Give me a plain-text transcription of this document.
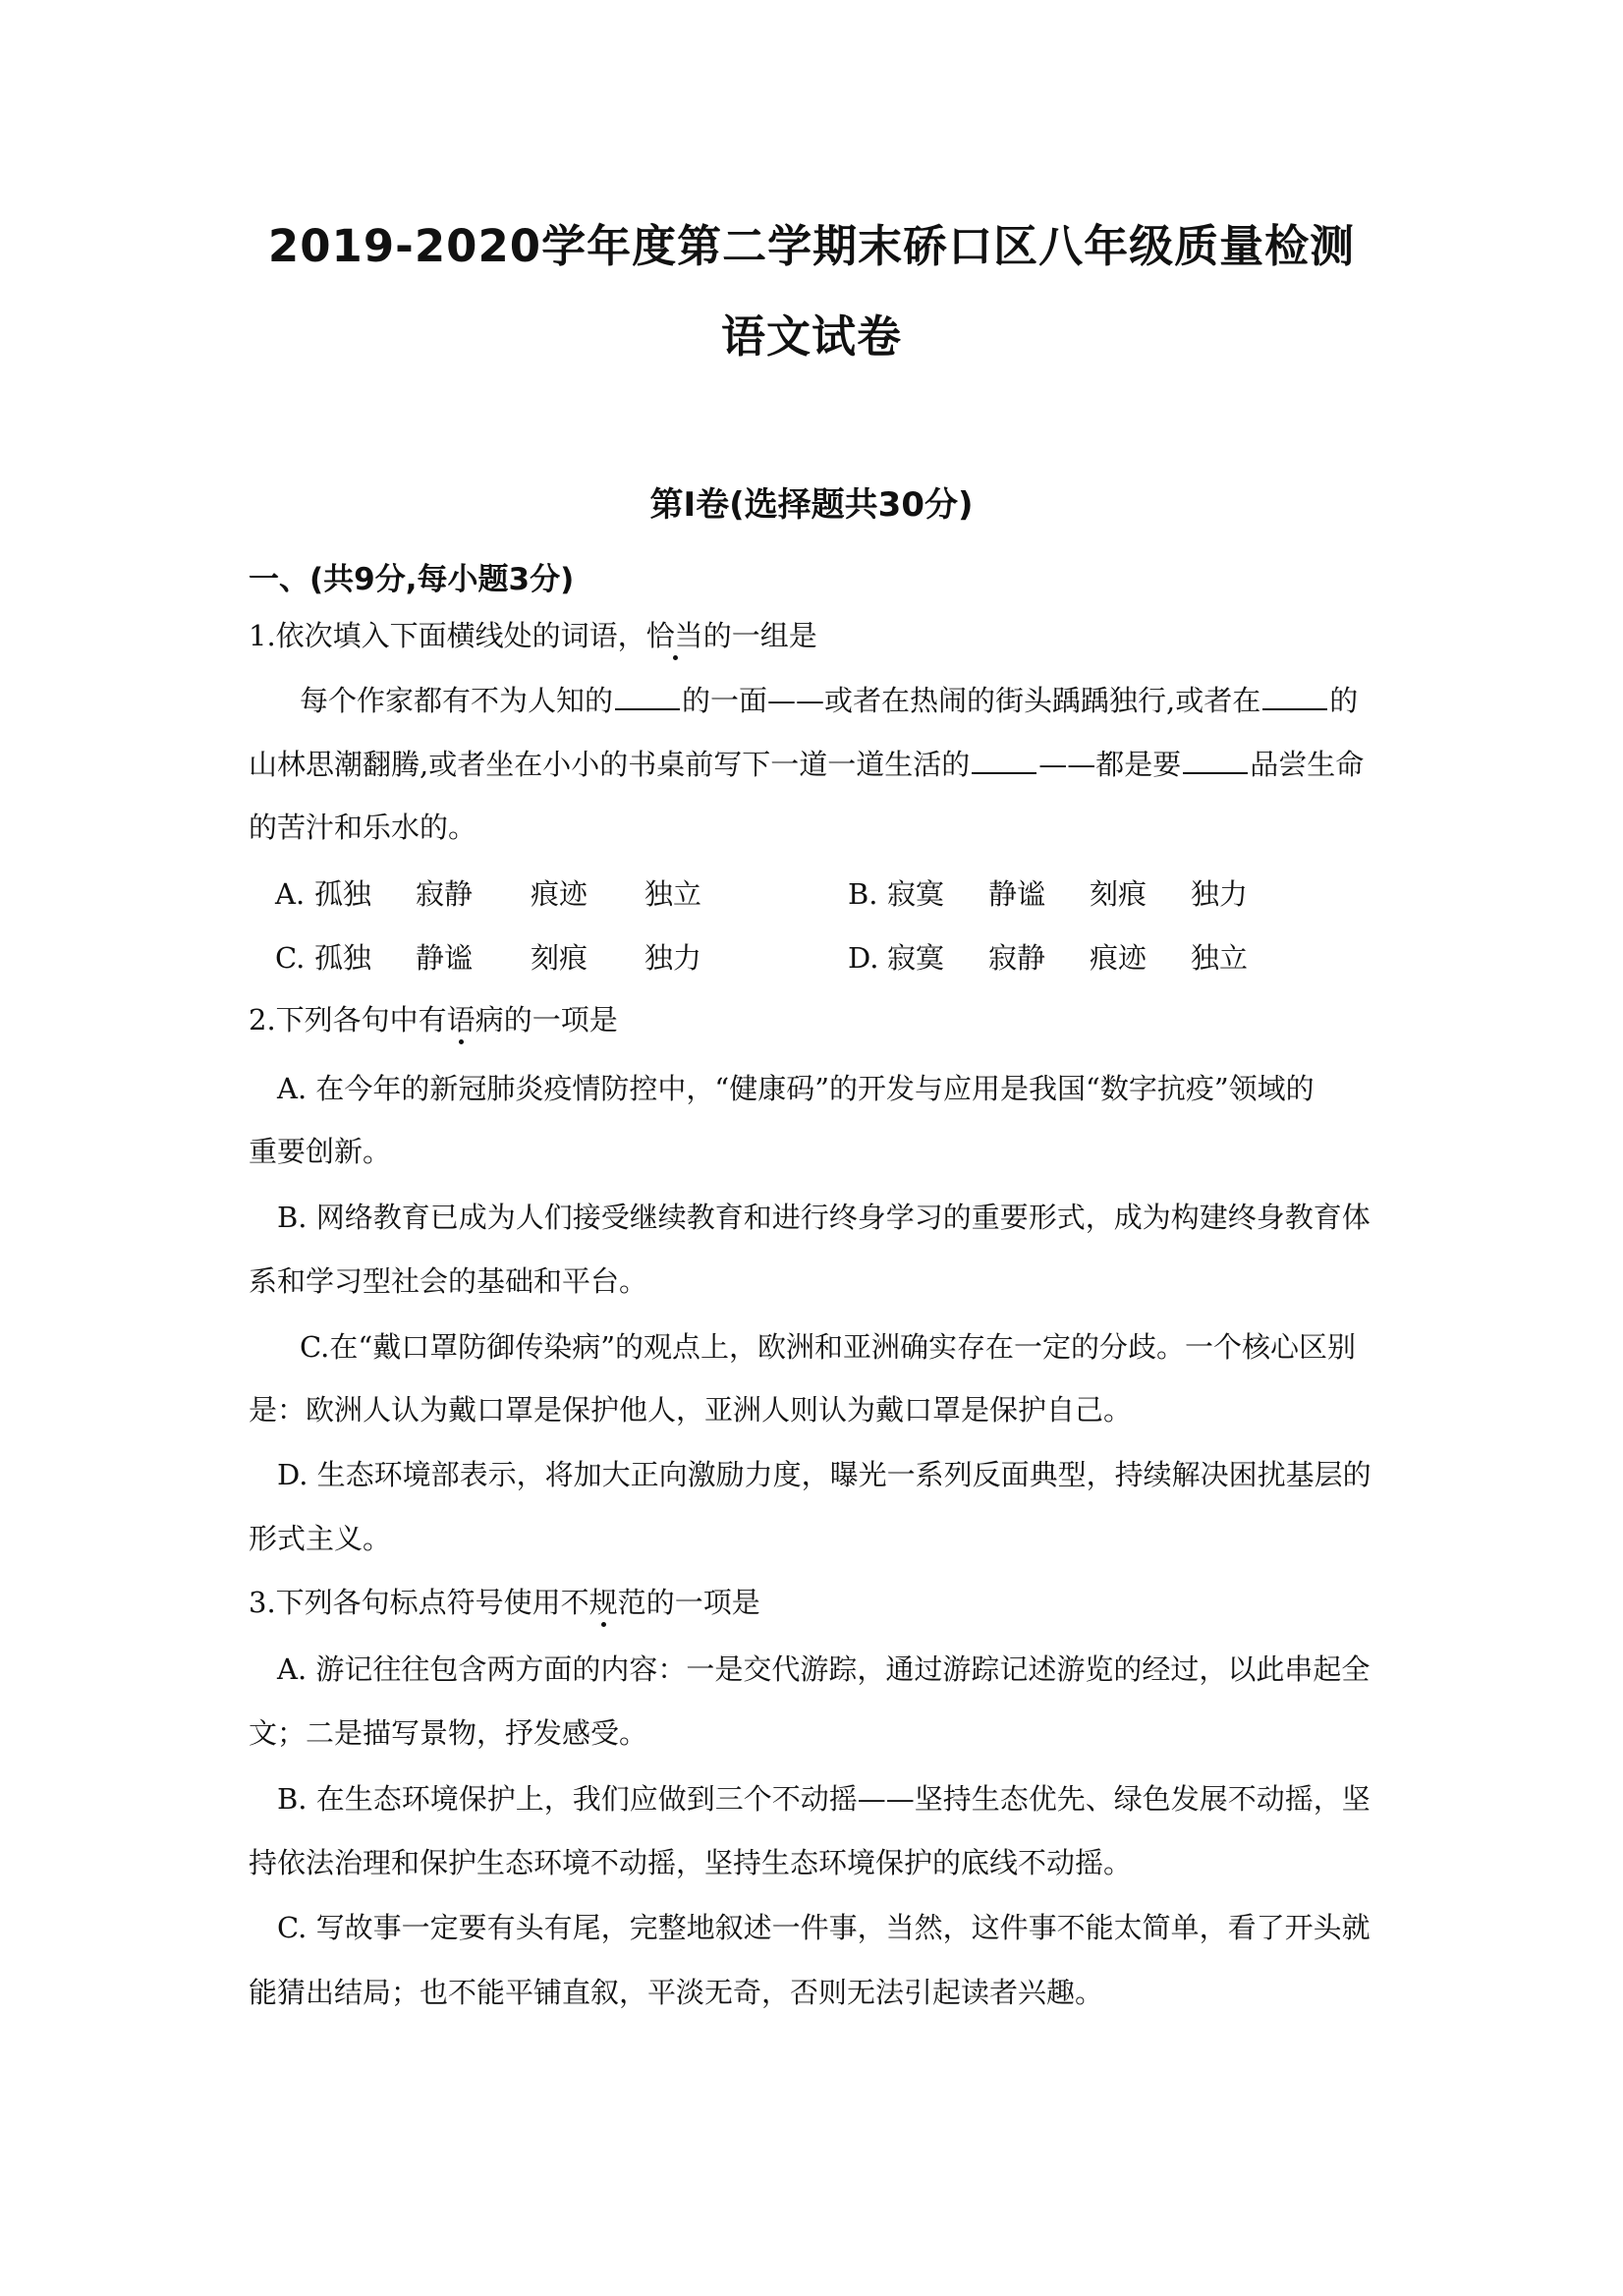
2019-2020学年度第二学期末硚口区八年级质量检测
语文试卷
第Ⅰ卷(选择题共30分)
一、(共9分,每小题3分)
1.依次填入下面横线处的词语，恰当的一组是
每个作家都有不为人知的 的一面——或者在热闹的街头踽踽独行,或者在 的
山林思潮翻腾,或者坐在小小的书桌前写下一道一道生活的 ——都是要 品尝生命
的苦汁和乐水的。
A. 孤独 寂静 痕迹 独立	B. 寂寞 静谧 刻痕 独力
C. 孤独 静谧 刻痕 独力	D. 寂寞 寂静 痕迹 独立
2.下列各句中有语病的一项是
A. 在今年的新冠肺炎疫情防控中，“健康码”的开发与应用是我国“数字抗疫”领域的
重要创新。
B. 网络教育已成为人们接受继续教育和进行终身学习的重要形式，成为构建终身教育体
系和学习型社会的基础和平台。
C.在“戴口罩防御传染病”的观点上，欧洲和亚洲确实存在一定的分歧。一个核心区别
是：欧洲人认为戴口罩是保护他人，亚洲人则认为戴口罩是保护自己。
D. 生态环境部表示，将加大正向激励力度，曝光一系列反面典型，持续解决困扰基层的
形式主义。
3.下列各句标点符号使用不规范的一项是
A. 游记往往包含两方面的内容：一是交代游踪，通过游踪记述游览的经过，以此串起全
文；二是描写景物，抒发感受。
B. 在生态环境保护上，我们应做到三个不动摇——坚持生态优先、绿色发展不动摇，坚
持依法治理和保护生态环境不动摇，坚持生态环境保护的底线不动摇。
C. 写故事一定要有头有尾，完整地叙述一件事，当然，这件事不能太简单，看了开头就
能猜出结局；也不能平铺直叙，平淡无奇，否则无法引起读者兴趣。
